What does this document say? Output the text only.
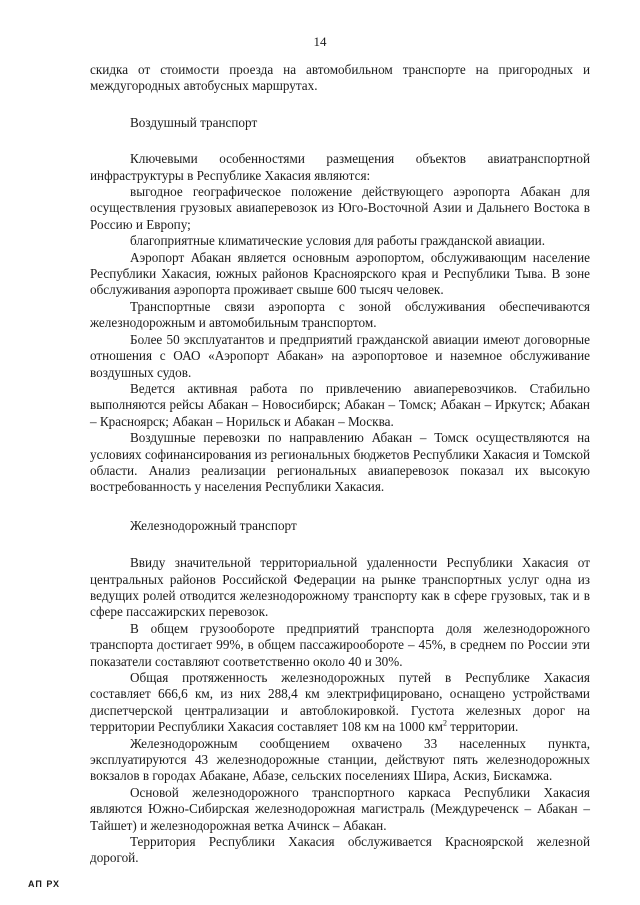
14

скидка от стоимости проезда на автомобильном транспорте на пригородных и междугородных автобусных маршрутах.

Воздушный транспорт

Ключевыми особенностями размещения объектов авиатранспортной инфраструктуры в Республике Хакасия являются:

выгодное географическое положение действующего аэропорта Абакан для осуществления грузовых авиаперевозок из Юго-Восточной Азии и Дальнего Востока в Россию и Европу;

благоприятные климатические условия для работы гражданской авиации.

Аэропорт Абакан является основным аэропортом, обслуживающим население Республики Хакасия, южных районов Красноярского края и Республики Тыва. В зоне обслуживания аэропорта проживает свыше 600 тысяч человек.

Транспортные связи аэропорта с зоной обслуживания обеспечиваются железнодорожным и автомобильным транспортом.

Более 50 эксплуатантов и предприятий гражданской авиации имеют договорные отношения с ОАО «Аэропорт Абакан» на аэропортовое и наземное обслуживание воздушных судов.

Ведется активная работа по привлечению авиаперевозчиков. Стабильно выполняются рейсы Абакан – Новосибирск; Абакан – Томск; Абакан – Иркутск; Абакан – Красноярск; Абакан – Норильск и Абакан – Москва.

Воздушные перевозки по направлению Абакан – Томск осуществляются на условиях софинансирования из региональных бюджетов Республики Хакасия и Томской области. Анализ реализации региональных авиаперевозок показал их высокую востребованность у населения Республики Хакасия.

Железнодорожный транспорт

Ввиду значительной территориальной удаленности Республики Хакасия от центральных районов Российской Федерации на рынке транспортных услуг одна из ведущих ролей отводится железнодорожному транспорту как в сфере грузовых, так и в сфере пассажирских перевозок.

В общем грузообороте предприятий транспорта доля железнодорожного транспорта достигает 99%, в общем пассажирообороте – 45%, в среднем по России эти показатели составляют соответственно около 40 и 30%.

Общая протяженность железнодорожных путей в Республике Хакасия составляет 666,6 км, из них 288,4 км электрифицировано, оснащено устройствами диспетчерской централизации и автоблокировкой. Густота железных дорог на территории Республики Хакасия составляет 108 км на 1000 $км^2$ территории.

Железнодорожным сообщением охвачено 33 населенных пункта, эксплуатируются 43 железнодорожные станции, действуют пять железнодорожных вокзалов в городах Абакане, Абазе, сельских поселениях Шира, Аскиз, Бискамжа.

Основой железнодорожного транспортного каркаса Республики Хакасия являются Южно-Сибирская железнодорожная магистраль (Междуреченск – Абакан – Тайшет) и железнодорожная ветка Ачинск – Абакан.

Территория Республики Хакасия обслуживается Красноярской железной дорогой.

АП РХ
